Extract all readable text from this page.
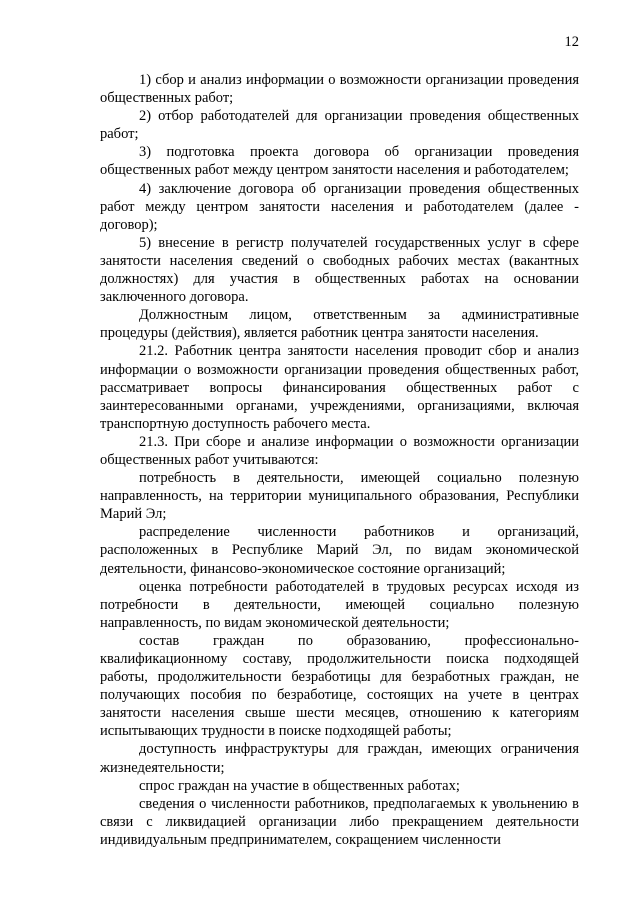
12

1) сбор и анализ информации о возможности организации проведения общественных работ;

2) отбор работодателей для организации проведения общественных работ;

3) подготовка проекта договора об организации проведения общественных работ между центром занятости населения и работодателем;

4) заключение договора об организации проведения общественных работ между центром занятости населения и работодателем (далее - договор);

5) внесение в регистр получателей государственных услуг в сфере занятости населения сведений о свободных рабочих местах (вакантных должностях) для участия в общественных работах на основании заключенного договора.

Должностным лицом, ответственным за административные процедуры (действия), является работник центра занятости населения.

21.2. Работник центра занятости населения проводит сбор и анализ информации о возможности организации проведения общественных работ, рассматривает вопросы финансирования общественных работ с заинтересованными органами, учреждениями, организациями, включая транспортную доступность рабочего места.

21.3. При сборе и анализе информации о возможности организации общественных работ учитываются:

потребность в деятельности, имеющей социально полезную направленность, на территории муниципального образования, Республики Марий Эл;

распределение численности работников и организаций, расположенных в Республике Марий Эл, по видам экономической деятельности, финансово-экономическое состояние организаций;

оценка потребности работодателей в трудовых ресурсах исходя из потребности в деятельности, имеющей социально полезную направленность, по видам экономической деятельности;

состав граждан по образованию, профессионально-квалификационному составу, продолжительности поиска подходящей работы, продолжительности безработицы для безработных граждан, не получающих пособия по безработице, состоящих на учете в центрах занятости населения свыше шести месяцев, отношению к категориям испытывающих трудности в поиске подходящей работы;

доступность инфраструктуры для граждан, имеющих ограничения жизнедеятельности;

спрос граждан на участие в общественных работах;

сведения о численности работников, предполагаемых к увольнению в связи с ликвидацией организации либо прекращением деятельности индивидуальным предпринимателем, сокращением численности
